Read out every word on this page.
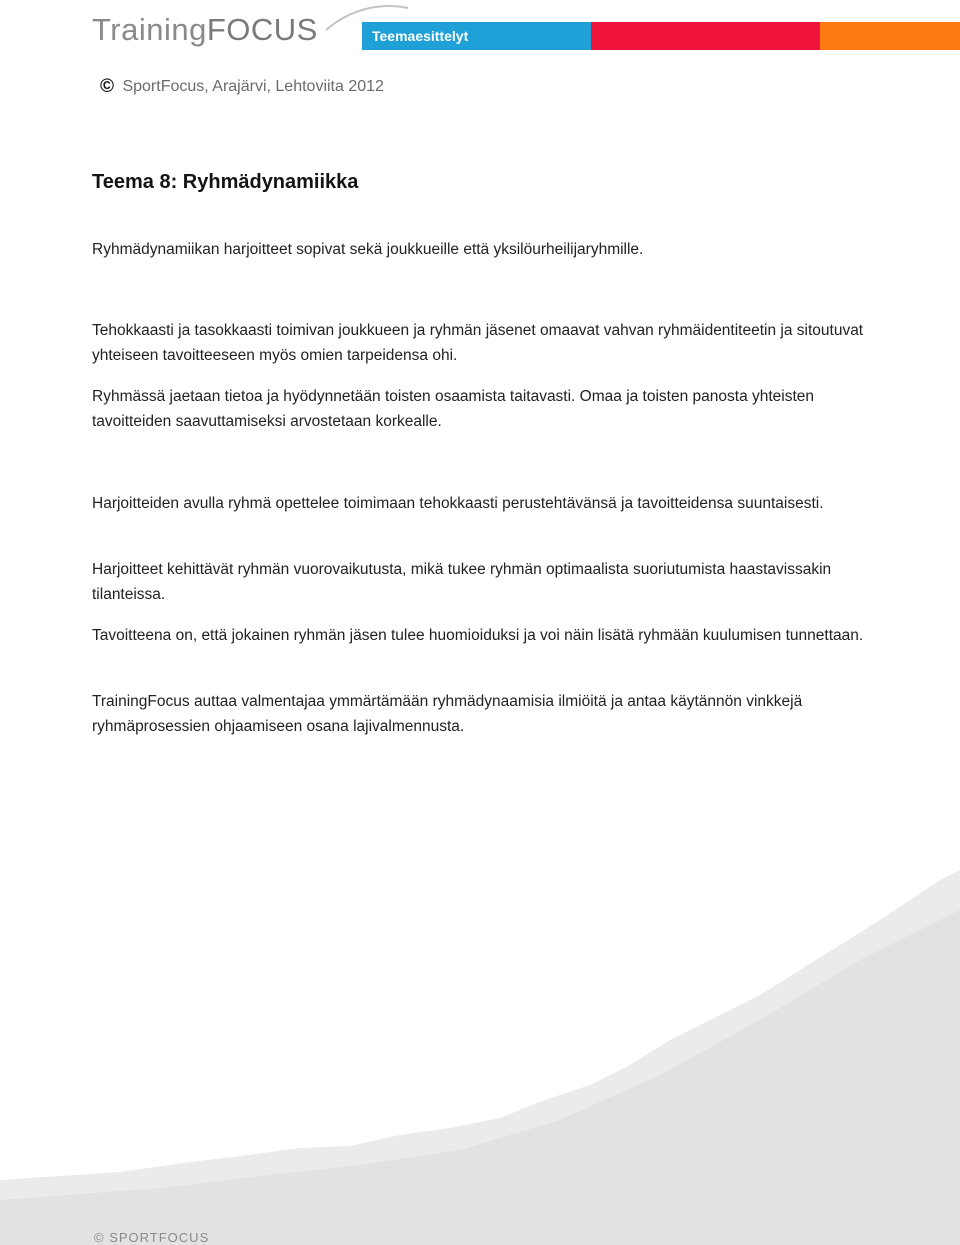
TrainingFOCUS	Teemaesittelyt
© SportFocus, Arajärvi, Lehtoviita 2012
Teema 8: Ryhmädynamiikka

Ryhmädynamiikan harjoitteet sopivat sekä joukkueille että yksilöurheilijaryhmille.

Tehokkaasti ja tasokkaasti toimivan joukkueen ja ryhmän jäsenet omaavat vahvan ryhmäidentiteetin ja sitoutuvat yhteiseen tavoitteeseen myös omien tarpeidensa ohi.

Ryhmässä jaetaan tietoa ja hyödynnetään toisten osaamista taitavasti. Omaa ja toisten panosta yhteisten tavoitteiden saavuttamiseksi arvostetaan korkealle.

Harjoitteiden avulla ryhmä opettelee toimimaan tehokkaasti perustehtävänsä ja tavoitteidensa suuntaisesti.

Harjoitteet kehittävät ryhmän vuorovaikutusta, mikä tukee ryhmän optimaalista suoriutumista haastavissakin tilanteissa.

Tavoitteena on, että jokainen ryhmän jäsen tulee huomioiduksi ja voi näin lisätä ryhmään kuulumisen tunnettaan.

TrainingFocus auttaa valmentajaa ymmärtämään ryhmädynaamisia ilmiöitä ja antaa käytännön vinkkejä ryhmäprosessien ohjaamiseen osana lajivalmennusta.

© SPORTFOCUS
